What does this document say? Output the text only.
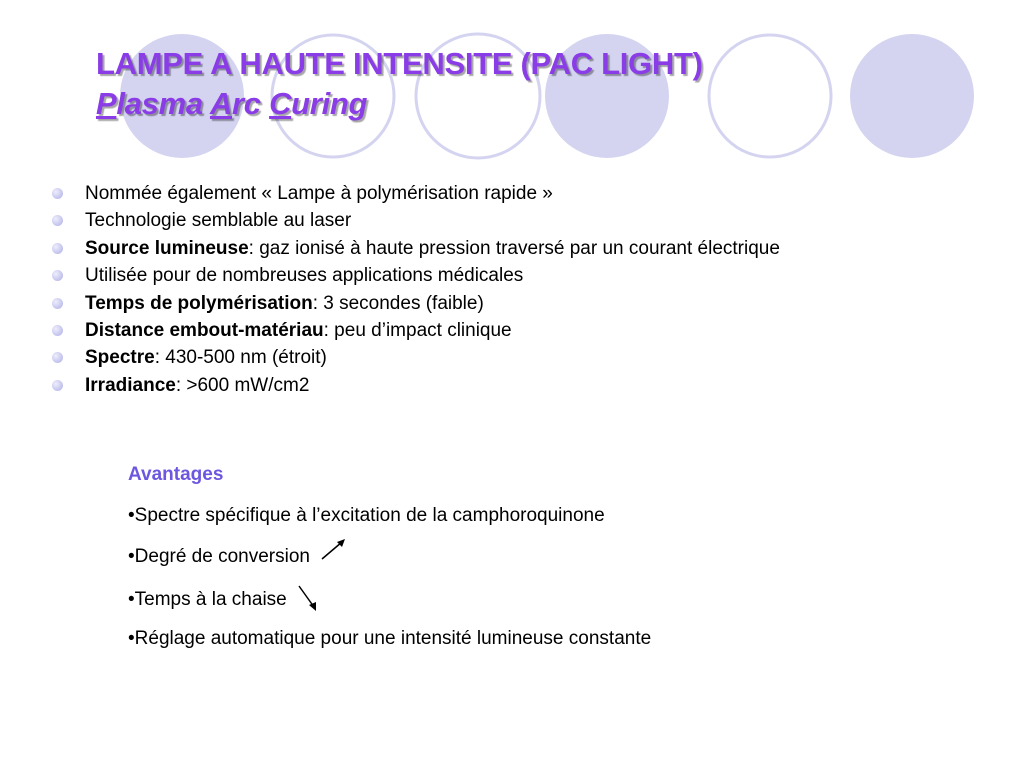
LAMPE A HAUTE INTENSITE (PAC LIGHT)
Plasma Arc Curing
Nommée également « Lampe à polymérisation rapide »
Technologie semblable au laser
Source lumineuse: gaz ionisé à haute pression traversé par un courant électrique
Utilisée pour de nombreuses applications médicales
Temps de polymérisation: 3 secondes (faible)
Distance embout-matériau: peu d’impact clinique
Spectre: 430-500 nm (étroit)
Irradiance: >600 mW/cm2
Avantages
•Spectre spécifique à l’excitation de la camphoroquinone
•Degré de conversion
•Temps à la chaise
•Réglage automatique pour une intensité lumineuse constante
